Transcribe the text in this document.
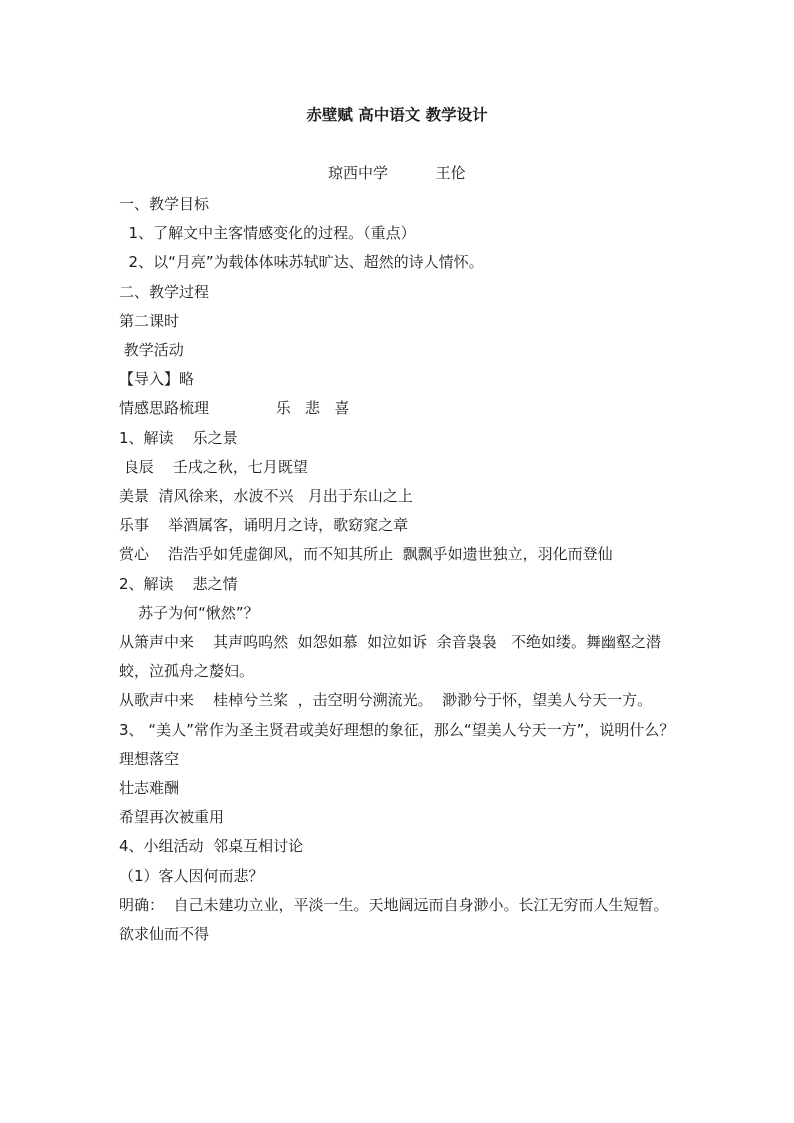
赤壁赋 高中语文 教学设计

琼西中学          王伦

一、教学目标

1、了解文中主客情感变化的过程。（重点）

2、以“月亮”为载体体味苏轼旷达、超然的诗人情怀。

二、教学过程

第二课时

教学活动

【导入】略

情感思路梳理              乐   悲   喜

1、解读    乐之景

良辰    壬戌之秋，七月既望

美景  清风徐来，水波不兴   月出于东山之上

乐事    举酒属客，诵明月之诗，歌窈窕之章

赏心    浩浩乎如凭虚御风，而不知其所止  飘飘乎如遗世独立，羽化而登仙

2、解读    悲之情

苏子为何“愀然”？

从箫声中来    其声呜呜然  如怨如慕  如泣如诉  余音袅袅   不绝如缕。舞幽壑之潜蛟，泣孤舟之嫠妇。

从歌声中来    桂棹兮兰桨  ，击空明兮溯流光。  渺渺兮于怀，望美人兮天一方。

3、 “美人”常作为圣主贤君或美好理想的象征，那么“望美人兮天一方”，说明什么？

理想落空

壮志难酬

希望再次被重用

4、小组活动  邻桌互相讨论

（1）客人因何而悲？

明确：  自己未建功立业，平淡一生。天地阔远而自身渺小。长江无穷而人生短暂。欲求仙而不得
